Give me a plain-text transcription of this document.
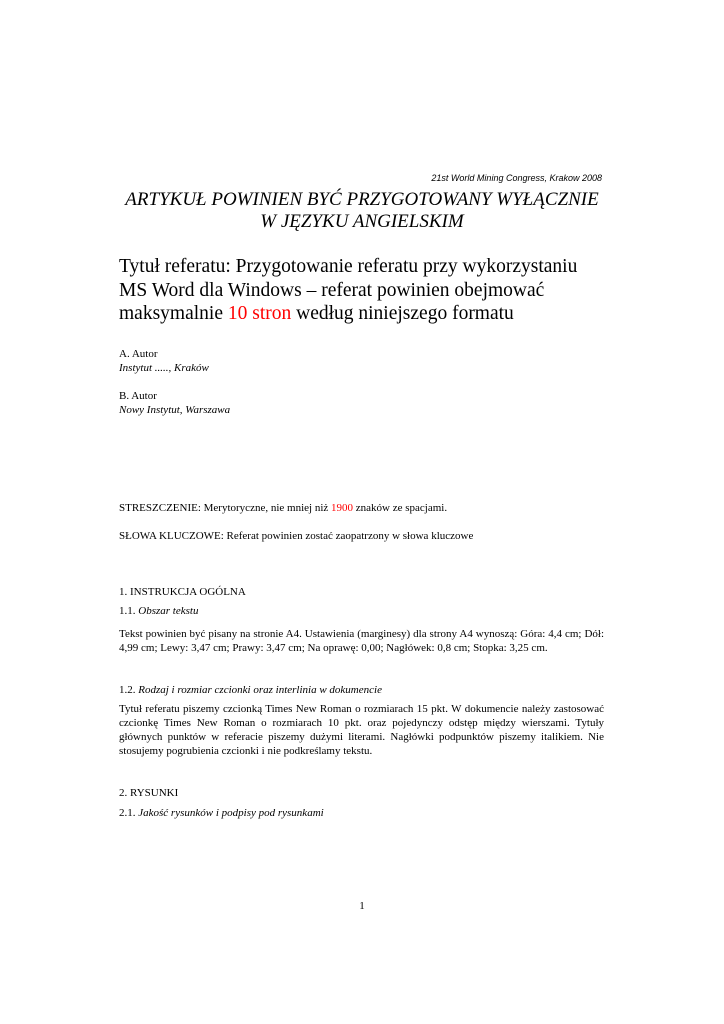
21st World Mining Congress, Krakow 2008
ARTYKUŁ POWINIEN BYĆ PRZYGOTOWANY WYŁĄCZNIE
W JĘZYKU ANGIELSKIM
Tytuł referatu: Przygotowanie referatu przy wykorzystaniu
MS Word dla Windows – referat powinien obejmować
maksymalnie 10 stron według niniejszego formatu
A. Autor
Instytut ....., Kraków
B. Autor
Nowy Instytut, Warszawa
STRESZCZENIE: Merytoryczne, nie mniej niż 1900 znaków ze spacjami.
SŁOWA KLUCZOWE: Referat powinien zostać zaopatrzony w słowa kluczowe
1. INSTRUKCJA OGÓLNA
1.1. Obszar tekstu
Tekst powinien być pisany na stronie A4. Ustawienia (marginesy) dla strony A4 wynoszą: Góra: 4,4 cm; Dół: 4,99 cm; Lewy: 3,47 cm; Prawy: 3,47 cm; Na oprawę: 0,00; Nagłówek: 0,8 cm; Stopka: 3,25 cm.
1.2. Rodzaj i rozmiar czcionki oraz interlinia w dokumencie
Tytuł referatu piszemy czcionką Times New Roman o rozmiarach 15 pkt. W dokumencie należy zastosować czcionkę Times New Roman o rozmiarach 10 pkt. oraz pojedynczy odstęp między wierszami. Tytuły głównych punktów w referacie piszemy dużymi literami. Nagłówki podpunktów piszemy italikiem. Nie stosujemy pogrubienia czcionki i nie podkreślamy tekstu.
2. RYSUNKI
2.1. Jakość rysunków i podpisy pod rysunkami
1
